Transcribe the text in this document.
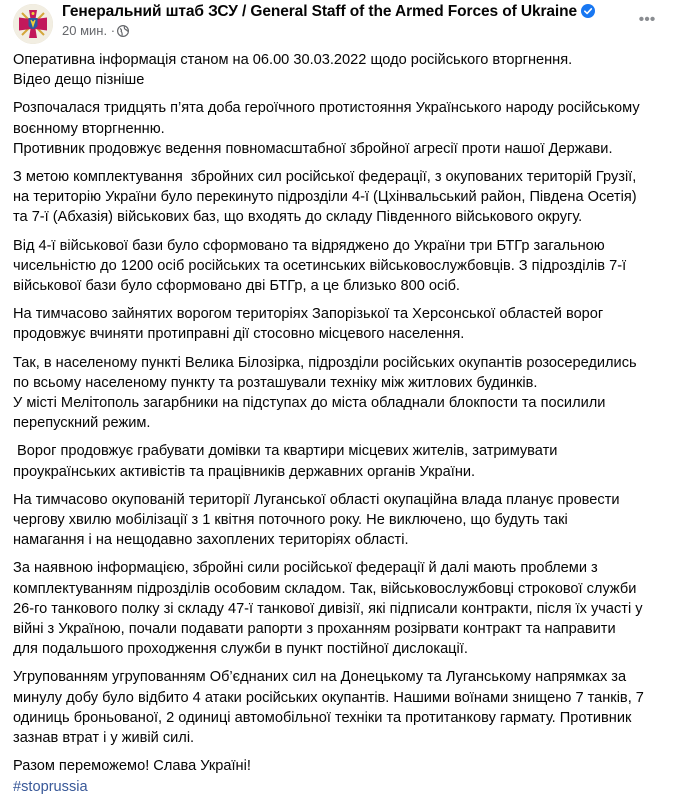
Генеральний штаб ЗСУ / General Staff of the Armed Forces of Ukraine
20 мин. ·
•••
Оперативна інформація станом на 06.00 30.03.2022 щодо російського вторгнення.
Відео дещо пізніше
Розпочалася тридцять п’ята доба героїчного протистояння Українського народу російському
воєнному вторгненню.
Противник продовжує ведення повномасштабної збройної агресії проти нашої Держави.
З метою комплектування  збройних сил російської федерації, з окупованих територій Грузії,
на територію України було перекинуто підрозділи 4-ї (Цхінвальський район, Південа Осетія)
та 7-ї (Абхазія) військових баз, що входять до складу Південного військового округу.
Від 4-ї військової бази було сформовано та відряджено до України три БТГр загальною
чисельністю до 1200 осіб російських та осетинських військовослужбовців. З підрозділів 7-ї
військової бази було сформовано дві БТГр, а це близько 800 осіб.
На тимчасово зайнятих ворогом територіях Запорізької та Херсонської областей ворог
продовжує вчиняти протиправні дії стосовно місцевого населення.
Так, в населеному пункті Велика Білозірка, підрозділи російських окупантів розосередились
по всьому населеному пункту та розташували техніку між житлових будинків.
У місті Мелітополь загарбники на підступах до міста обладнали блокпости та посилили
перепускний режим.
Ворог продовжує грабувати домівки та квартири місцевих жителів, затримувати
проукраїнських активістів та працівників державних органів України.
На тимчасово окупованій території Луганської області окупаційна влада планує провести
чергову хвилю мобілізації з 1 квітня поточного року. Не виключено, що будуть такі
намагання і на нещодавно захоплених територіях області.
За наявною інформацією, збройні сили російської федерації й далі мають проблеми з
комплектуванням підрозділів особовим складом. Так, військовослужбовці строкової служби
26-го танкового полку зі складу 47-ї танкової дивізії, які підписали контракти, після їх участі у
війні з Україною, почали подавати рапорти з проханням розірвати контракт та направити
для подальшого проходження служби в пункт постійної дислокації.
Угрупованням угрупованням Об’єднаних сил на Донецькому та Луганському напрямках за
минулу добу було відбито 4 атаки російських окупантів. Нашими воїнами знищено 7 танків, 7
одиниць броньованої, 2 одиниці автомобільної техніки та протитанкову гармату. Противник
зазнав втрат і у живій силі.
Разом переможемо! Слава Україні!
#stoprussia
